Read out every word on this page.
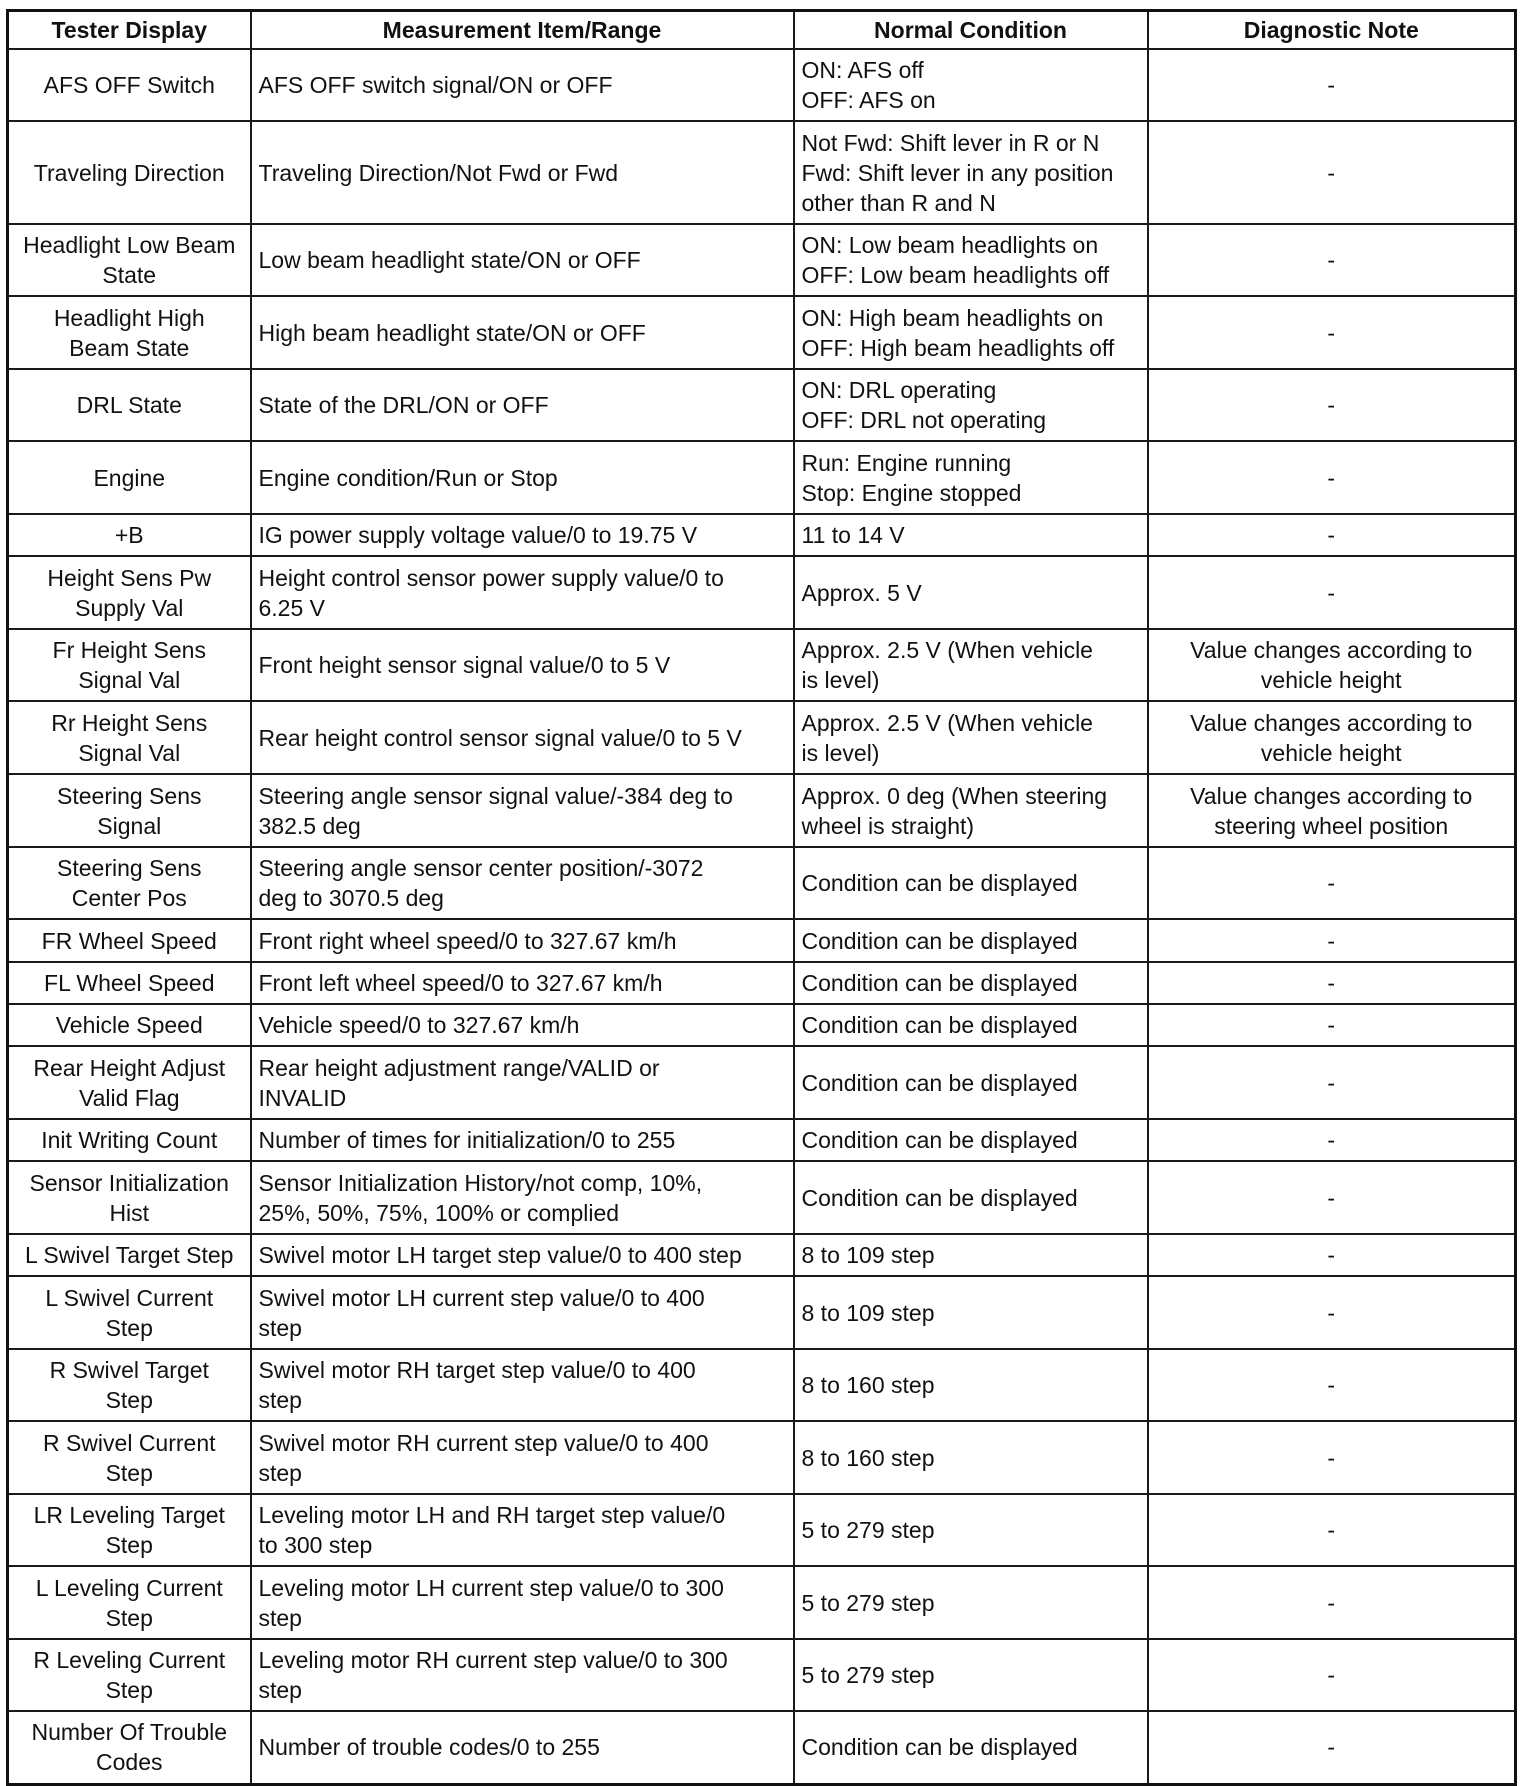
Tester Display	Measurement Item/Range	Normal Condition	Diagnostic Note

AFS OFF Switch	AFS OFF switch signal/ON or OFF	ON: AFS off
OFF: AFS on	-

Traveling Direction	Traveling Direction/Not Fwd or Fwd	Not Fwd: Shift lever in R or N
Fwd: Shift lever in any position
other than R and N	-

Headlight Low Beam
State	Low beam headlight state/ON or OFF	ON: Low beam headlights on
OFF: Low beam headlights off	-

Headlight High
Beam State	High beam headlight state/ON or OFF	ON: High beam headlights on
OFF: High beam headlights off	-

DRL State	State of the DRL/ON or OFF	ON: DRL operating
OFF: DRL not operating	-

Engine	Engine condition/Run or Stop	Run: Engine running
Stop: Engine stopped	-

+B	IG power supply voltage value/0 to 19.75 V	11 to 14 V	-

Height Sens Pw
Supply Val	Height control sensor power supply value/0 to
6.25 V	Approx. 5 V	-

Fr Height Sens
Signal Val	Front height sensor signal value/0 to 5 V	Approx. 2.5 V (When vehicle
is level)	Value changes according to
vehicle height

Rr Height Sens
Signal Val	Rear height control sensor signal value/0 to 5 V	Approx. 2.5 V (When vehicle
is level)	Value changes according to
vehicle height

Steering Sens
Signal	Steering angle sensor signal value/-384 deg to
382.5 deg	Approx. 0 deg (When steering
wheel is straight)	Value changes according to
steering wheel position

Steering Sens
Center Pos	Steering angle sensor center position/-3072
deg to 3070.5 deg	Condition can be displayed	-

FR Wheel Speed	Front right wheel speed/0 to 327.67 km/h	Condition can be displayed	-

FL Wheel Speed	Front left wheel speed/0 to 327.67 km/h	Condition can be displayed	-

Vehicle Speed	Vehicle speed/0 to 327.67 km/h	Condition can be displayed	-

Rear Height Adjust
Valid Flag	Rear height adjustment range/VALID or
INVALID	Condition can be displayed	-

Init Writing Count	Number of times for initialization/0 to 255	Condition can be displayed	-

Sensor Initialization
Hist	Sensor Initialization History/not comp, 10%,
25%, 50%, 75%, 100% or complied	Condition can be displayed	-

L Swivel Target Step	Swivel motor LH target step value/0 to 400 step	8 to 109 step	-

L Swivel Current
Step	Swivel motor LH current step value/0 to 400
step	8 to 109 step	-

R Swivel Target
Step	Swivel motor RH target step value/0 to 400
step	8 to 160 step	-

R Swivel Current
Step	Swivel motor RH current step value/0 to 400
step	8 to 160 step	-

LR Leveling Target
Step	Leveling motor LH and RH target step value/0
to 300 step	5 to 279 step	-

L Leveling Current
Step	Leveling motor LH current step value/0 to 300
step	5 to 279 step	-

R Leveling Current
Step	Leveling motor RH current step value/0 to 300
step	5 to 279 step	-

Number Of Trouble
Codes	Number of trouble codes/0 to 255	Condition can be displayed	-
